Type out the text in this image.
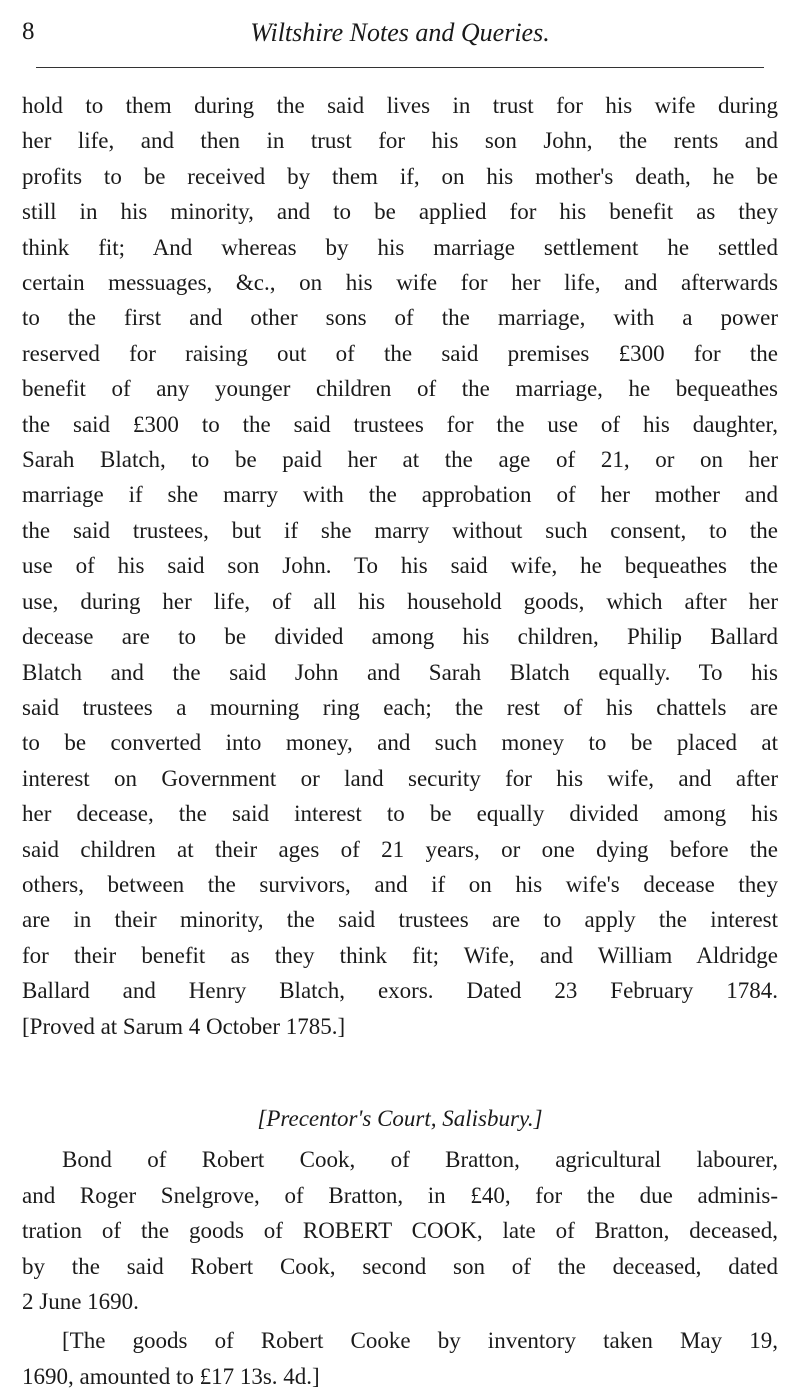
8	Wiltshire Notes and Queries.

hold to them during the said lives in trust for his wife during
her life, and then in trust for his son John, the rents and
profits to be received by them if, on his mother's death, he be
still in his minority, and to be applied for his benefit as they
think fit; And whereas by his marriage settlement he settled
certain messuages, &c., on his wife for her life, and afterwards
to the first and other sons of the marriage, with a power
reserved for raising out of the said premises £300 for the
benefit of any younger children of the marriage, he bequeathes
the said £300 to the said trustees for the use of his daughter,
Sarah Blatch, to be paid her at the age of 21, or on her
marriage if she marry with the approbation of her mother and
the said trustees, but if she marry without such consent, to the
use of his said son John. To his said wife, he bequeathes the
use, during her life, of all his household goods, which after her
decease are to be divided among his children, Philip Ballard
Blatch and the said John and Sarah Blatch equally. To his
said trustees a mourning ring each; the rest of his chattels are
to be converted into money, and such money to be placed at
interest on Government or land security for his wife, and after
her decease, the said interest to be equally divided among his
said children at their ages of 21 years, or one dying before the
others, between the survivors, and if on his wife's decease they
are in their minority, the said trustees are to apply the interest
for their benefit as they think fit; Wife, and William Aldridge
Ballard and Henry Blatch, exors. Dated 23 February 1784.
[Proved at Sarum 4 October 1785.]

[Precentor's Court, Salisbury.]

Bond of Robert Cook, of Bratton, agricultural labourer,
and Roger Snelgrove, of Bratton, in £40, for the due adminis-
tration of the goods of ROBERT COOK, late of Bratton, deceased,
by the said Robert Cook, second son of the deceased, dated
2 June 1690.

[The goods of Robert Cooke by inventory taken May 19,
1690, amounted to £17 13s. 4d.]
